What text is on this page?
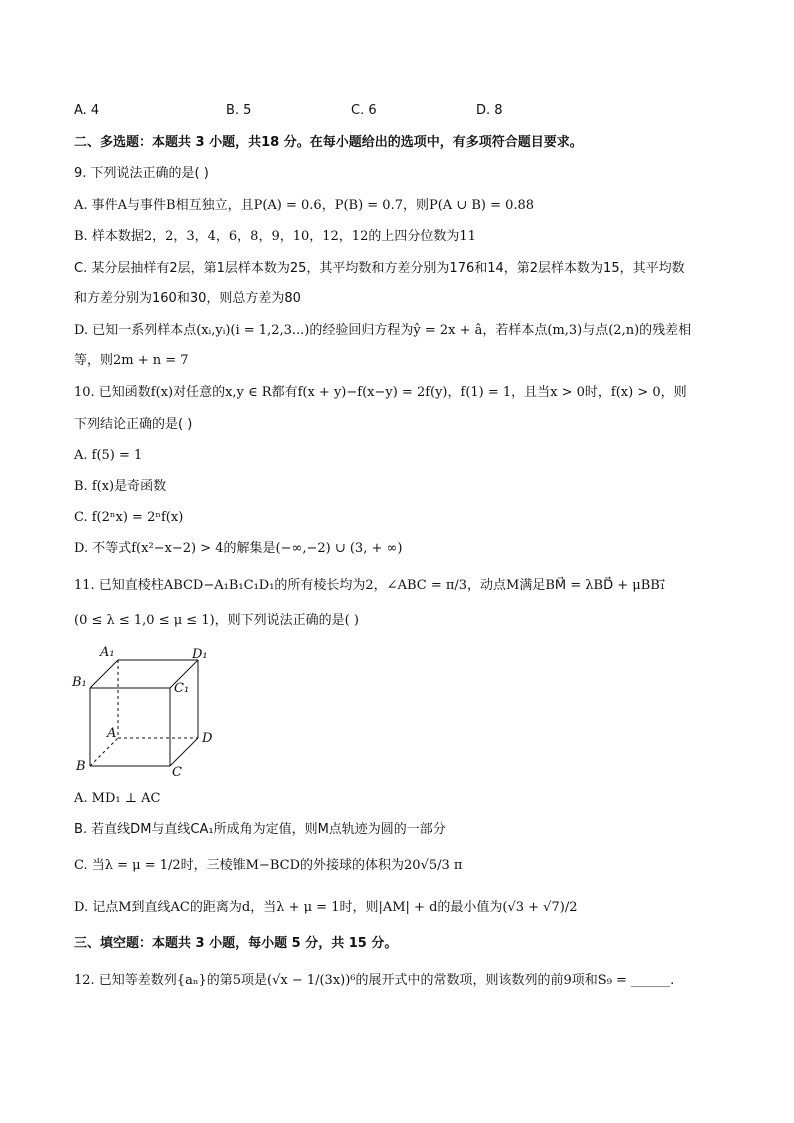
A. 4	B. 5	C. 6	D. 8
二、多选题：本题共 3 小题，共18 分。在每小题给出的选项中，有多项符合题目要求。
9. 下列说法正确的是( )
A. 事件A与事件B相互独立，且P(A) = 0.6，P(B) = 0.7，则P(A ∪ B) = 0.88
B. 样本数据2，2，3，4，6，8，9，10，12，12的上四分位数为11
C. 某分层抽样有2层，第1层样本数为25，其平均数和方差分别为176和14，第2层样本数为15，其平均数
和方差分别为160和30，则总方差为80
D. 已知一系列样本点(xᵢ,yᵢ)(i = 1,2,3...)的经验回归方程为ŷ = 2x + â，若样本点(m,3)与点(2,n)的残差相
等，则2m + n = 7
10. 已知函数f(x)对任意的x,y ∈ R都有f(x + y)−f(x−y) = 2f(y)，f(1) = 1，且当x > 0时，f(x) > 0，则
下列结论正确的是( )
A. f(5) = 1
B. f(x)是奇函数
C. f(2ⁿx) = 2ⁿf(x)
D. 不等式f(x²−x−2) > 4的解集是(−∞,−2) ∪ (3, + ∞)
11. 已知直棱柱ABCD−A₁B₁C₁D₁的所有棱长均为2，∠ABC = π/3，动点M满足BM⃗ = λBD⃗ + μBB₁⃗
(0 ≤ λ ≤ 1,0 ≤ μ ≤ 1)，则下列说法正确的是( )
A₁	D₁
B₁	C₁
A	D
B	C
A. MD₁ ⊥ AC
B. 若直线DM与直线CA₁所成角为定值，则M点轨迹为圆的一部分
C. 当λ = μ = 1/2时，三棱锥M−BCD的外接球的体积为20√5/3 π
D. 记点M到直线AC的距离为d，当λ + μ = 1时，则|AM| + d的最小值为(√3 + √7)/2
三、填空题：本题共 3 小题，每小题 5 分，共 15 分。
12. 已知等差数列{aₙ}的第5项是(√x − 1/(3x))⁶的展开式中的常数项，则该数列的前9项和S₉ = ______.
